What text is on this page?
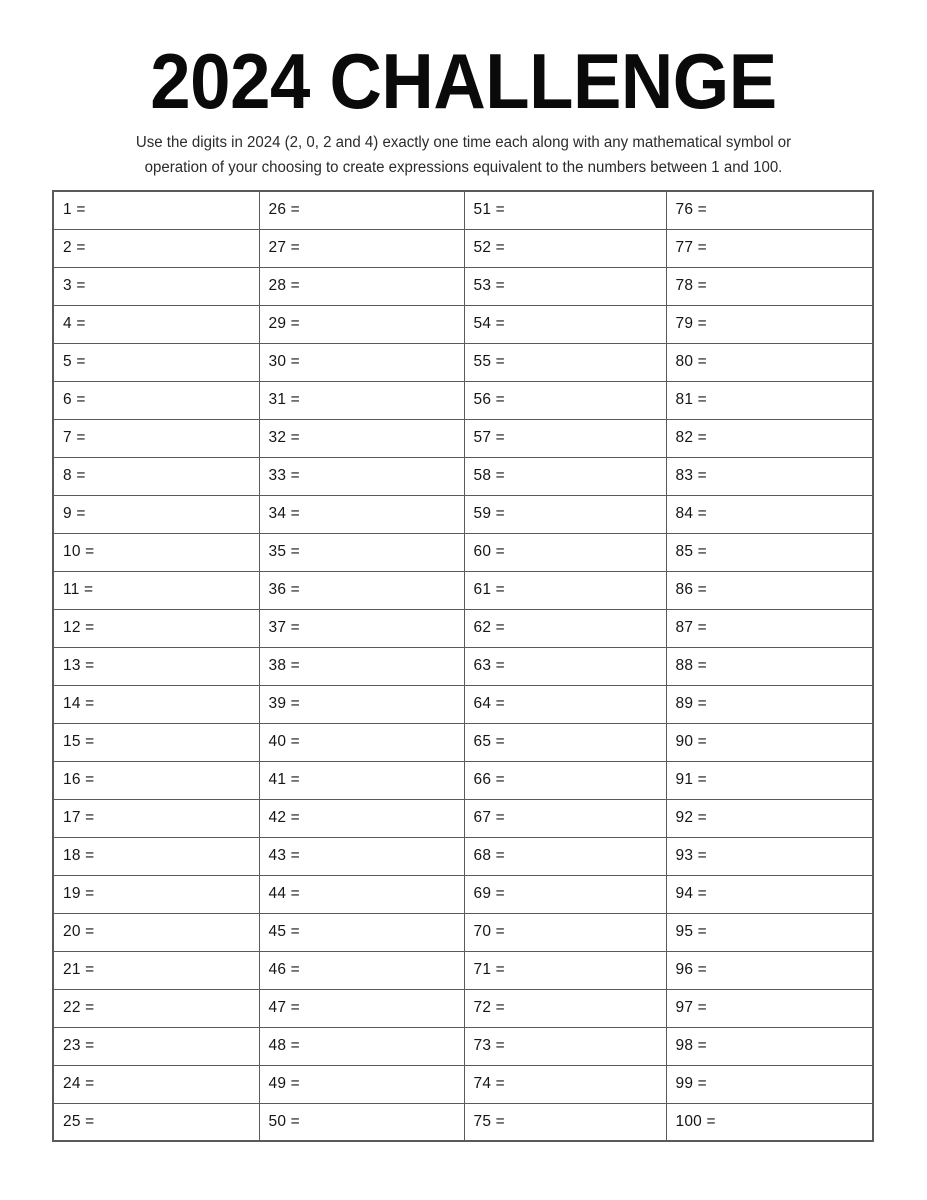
2024 CHALLENGE
Use the digits in 2024 (2, 0, 2 and 4) exactly one time each along with any mathematical symbol or
operation of your choosing to create expressions equivalent to the numbers between 1 and 100.
1 =	26 =	51 =	76 =
2 =	27 =	52 =	77 =
3 =	28 =	53 =	78 =
4 =	29 =	54 =	79 =
5 =	30 =	55 =	80 =
6 =	31 =	56 =	81 =
7 =	32 =	57 =	82 =
8 =	33 =	58 =	83 =
9 =	34 =	59 =	84 =
10 =	35 =	60 =	85 =
11 =	36 =	61 =	86 =
12 =	37 =	62 =	87 =
13 =	38 =	63 =	88 =
14 =	39 =	64 =	89 =
15 =	40 =	65 =	90 =
16 =	41 =	66 =	91 =
17 =	42 =	67 =	92 =
18 =	43 =	68 =	93 =
19 =	44 =	69 =	94 =
20 =	45 =	70 =	95 =
21 =	46 =	71 =	96 =
22 =	47 =	72 =	97 =
23 =	48 =	73 =	98 =
24 =	49 =	74 =	99 =
25 =	50 =	75 =	100 =
